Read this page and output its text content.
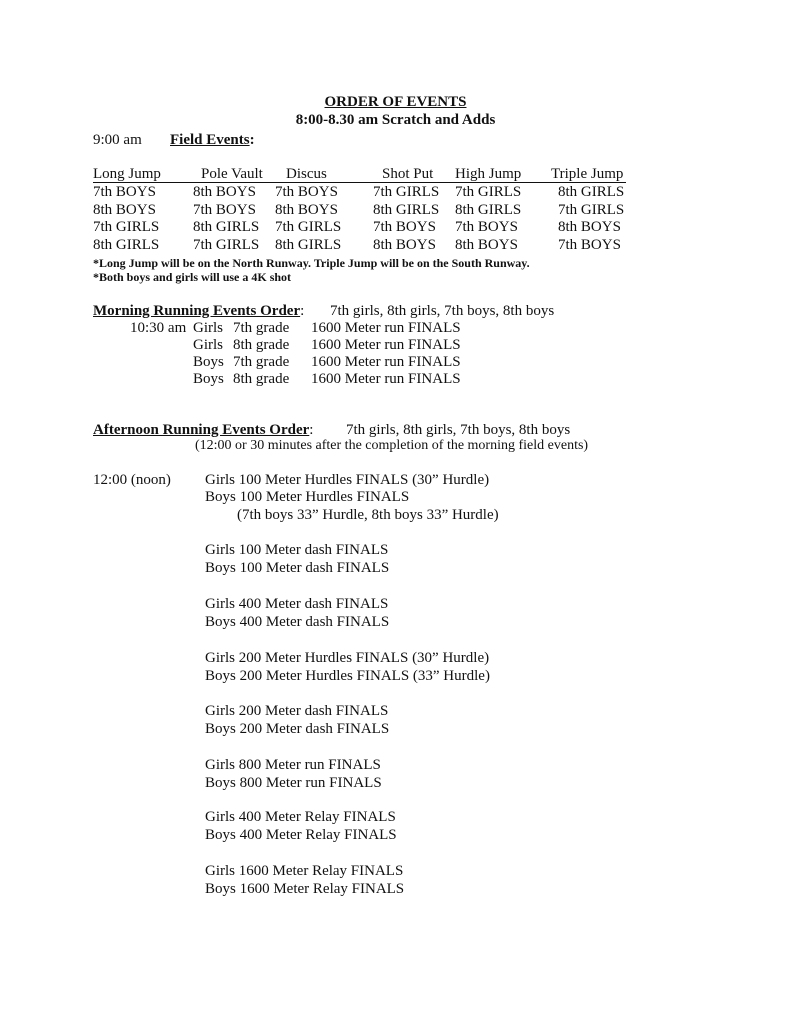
ORDER OF EVENTS
8:00-8.30 am Scratch and Adds
9:00 am Field Events:
Long Jump	Pole Vault Discus	Shot Put High Jump Triple Jump
7th BOYS 8th BOYS 7th BOYS 7th GIRLS 7th GIRLS 8th GIRLS
8th BOYS 7th BOYS 8th BOYS 8th GIRLS 8th GIRLS 7th GIRLS
7th GIRLS 8th GIRLS 7th GIRLS 7th BOYS 7th BOYS	8th BOYS
8th GIRLS 7th GIRLS 8th GIRLS 8th BOYS 8th BOYS	7th BOYS
*Long Jump will be on the North Runway. Triple Jump will be on the South Runway.
*Both boys and girls will use a 4K shot
Morning Running Events Order: 7th girls, 8th girls, 7th boys, 8th boys
10:30 am Girls 7th grade 1600 Meter run FINALS
Girls 8th grade 1600 Meter run FINALS
Boys 7th grade 1600 Meter run FINALS
Boys 8th grade 1600 Meter run FINALS
Afternoon Running Events Order: 7th girls, 8th girls, 7th boys, 8th boys
(12:00 or 30 minutes after the completion of the morning field events)
12:00 (noon) Girls 100 Meter Hurdles FINALS (30” Hurdle)
Boys 100 Meter Hurdles FINALS
(7th boys 33” Hurdle, 8th boys 33” Hurdle)
Girls 100 Meter dash FINALS
Boys 100 Meter dash FINALS
Girls 400 Meter dash FINALS
Boys 400 Meter dash FINALS
Girls 200 Meter Hurdles FINALS (30” Hurdle)
Boys 200 Meter Hurdles FINALS (33” Hurdle)
Girls 200 Meter dash FINALS
Boys 200 Meter dash FINALS
Girls 800 Meter run FINALS
Boys 800 Meter run FINALS
Girls 400 Meter Relay FINALS
Boys 400 Meter Relay FINALS
Girls 1600 Meter Relay FINALS
Boys 1600 Meter Relay FINALS
